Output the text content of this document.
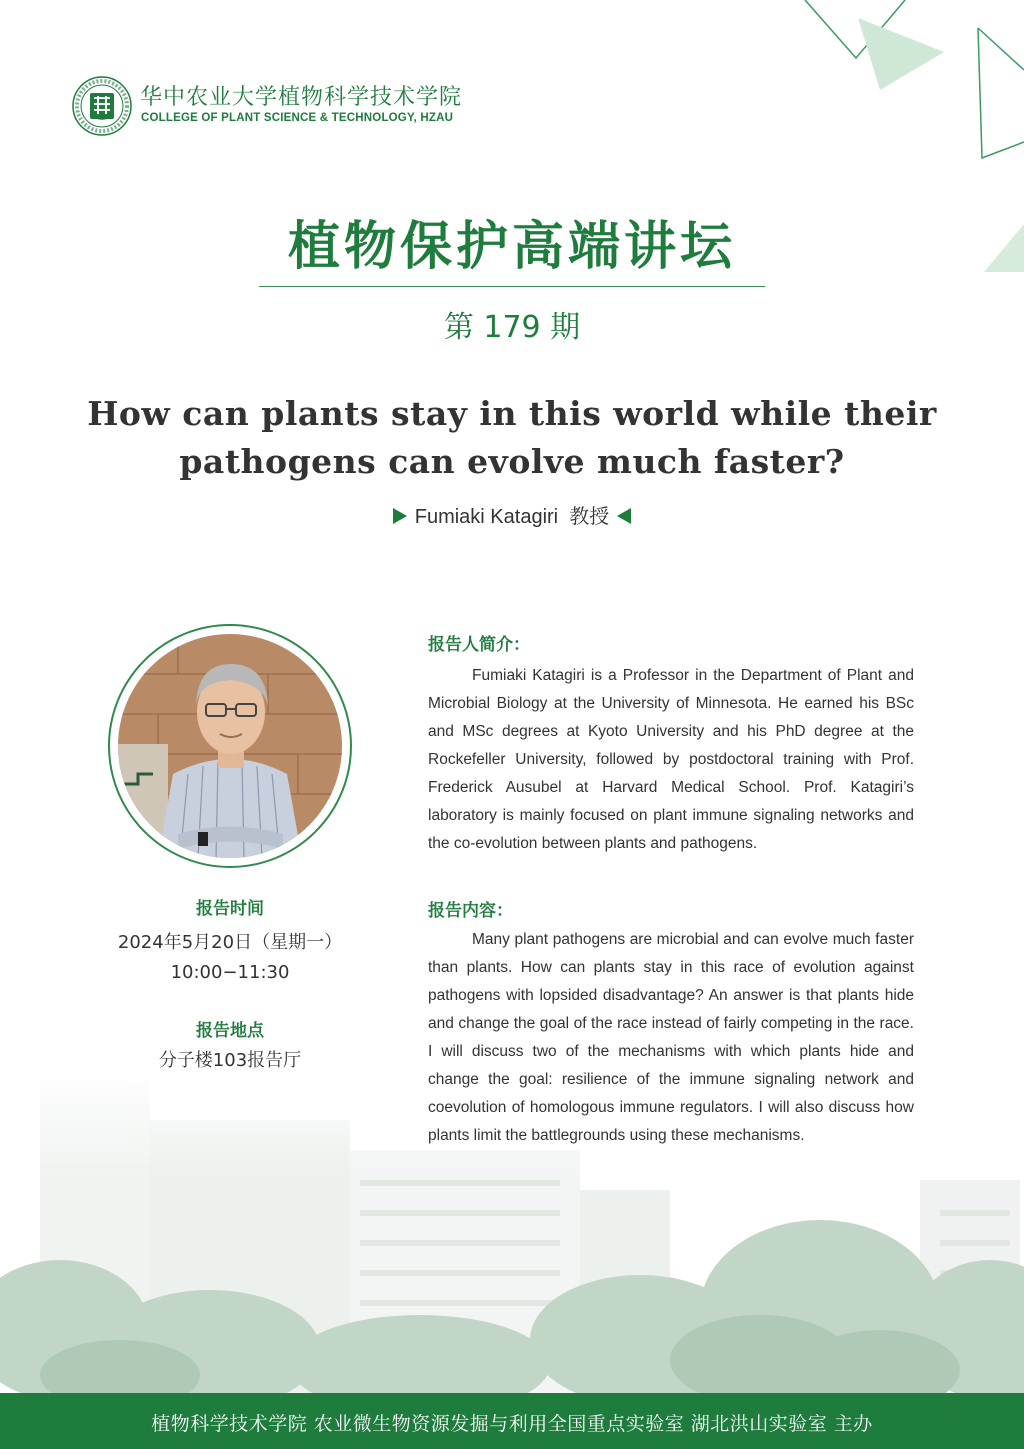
华中农业大学植物科学技术学院
COLLEGE OF PLANT SCIENCE & TECHNOLOGY, HZAU
植物保护高端讲坛
第 179 期
How can plants stay in this world while their
pathogens can evolve much faster?
Fumiaki Katagiri 教授
报告时间
2024年5月20日（星期一）
10:00−11:30
报告地点
分子楼103报告厅
报告人简介：
Fumiaki Katagiri is a Professor in the Department of Plant and Microbial Biology at the University of Minnesota. He earned his BSc and MSc degrees at Kyoto University and his PhD degree at the Rockefeller University, followed by postdoctoral training with Prof. Frederick Ausubel at Harvard Medical School. Prof. Katagiri’s laboratory is mainly focused on plant immune signaling networks and the co-evolution between plants and pathogens.
报告内容：
Many plant pathogens are microbial and can evolve much faster than plants. How can plants stay in this race of evolution against pathogens with lopsided disadvantage? An answer is that plants hide and change the goal of the race instead of fairly competing in the race. I will discuss two of the mechanisms with which plants hide and change the goal: resilience of the immune signaling network and coevolution of homologous immune regulators. I will also discuss how plants limit the battlegrounds using these mechanisms.
植物科学技术学院 农业微生物资源发掘与利用全国重点实验室 湖北洪山实验室 主办
